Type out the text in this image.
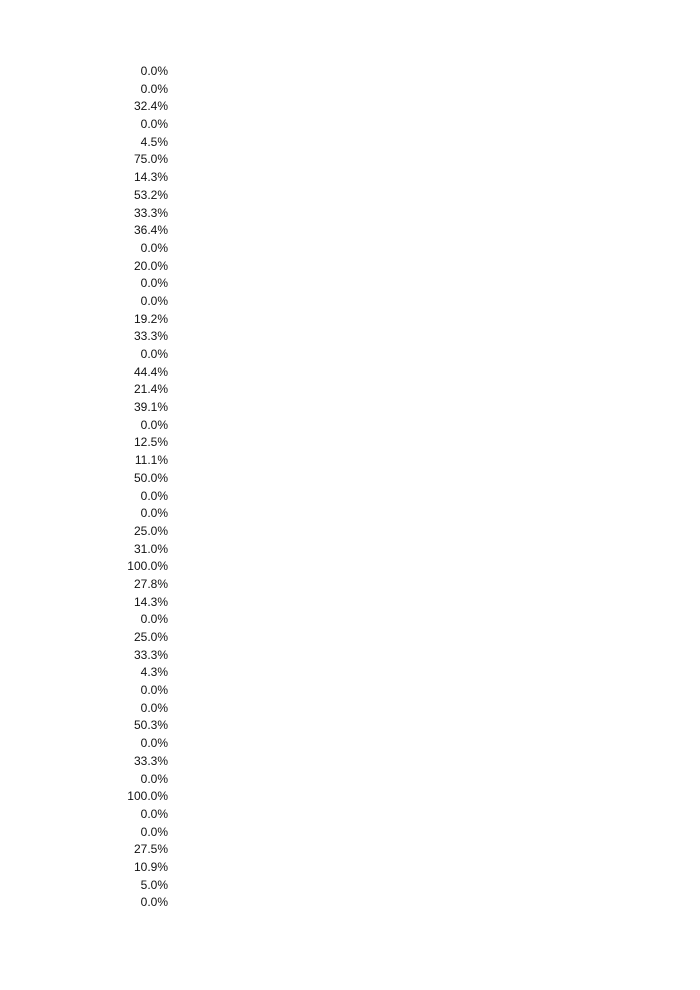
0.0%
0.0%
32.4%
0.0%
4.5%
75.0%
14.3%
53.2%
33.3%
36.4%
0.0%
20.0%
0.0%
0.0%
19.2%
33.3%
0.0%
44.4%
21.4%
39.1%
0.0%
12.5%
11.1%
50.0%
0.0%
0.0%
25.0%
31.0%
100.0%
27.8%
14.3%
0.0%
25.0%
33.3%
4.3%
0.0%
0.0%
50.3%
0.0%
33.3%
0.0%
100.0%
0.0%
0.0%
27.5%
10.9%
5.0%
0.0%
